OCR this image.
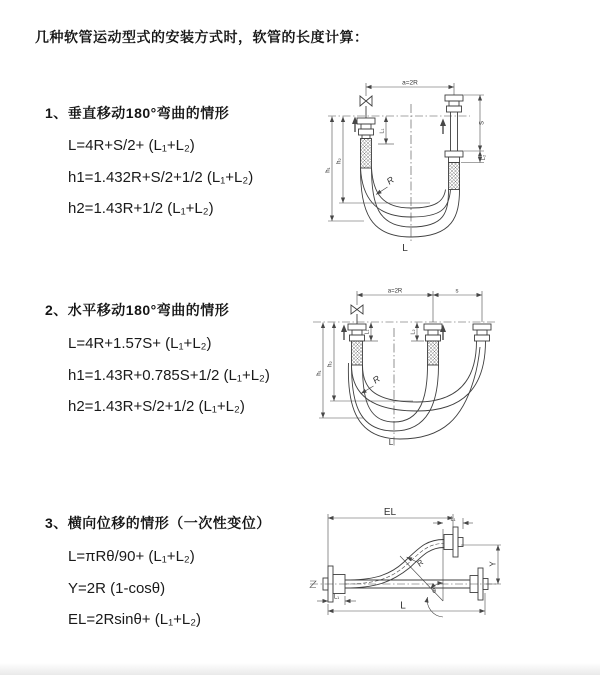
几种软管运动型式的安装方式时，软管的长度计算：
1、垂直移动180°弯曲的情形
L=4R+S/2+ (L₁+L₂)
h1=1.432R+S/2+1/2 (L₁+L₂)
h2=1.43R+1/2 (L₁+L₂)
2、水平移动180°弯曲的情形
L=4R+1.57S+ (L₁+L₂)
h1=1.43R+0.785S+1/2 (L₁+L₂)
h2=1.43R+S/2+1/2 (L₁+L₂)
3、横向位移的情形（一次性变位）
L=πRθ/90+ (L₁+L₂)
Y=2R (1-cosθ)
EL=2Rsinθ+ (L₁+L₂)
a=2R
L₁
h₁
h₂
S
L₂
R
L
a=2R	s
L₁	L₂
h₁
h₂
R
L
EL
L₁
Y
R
θ
L
L₁
